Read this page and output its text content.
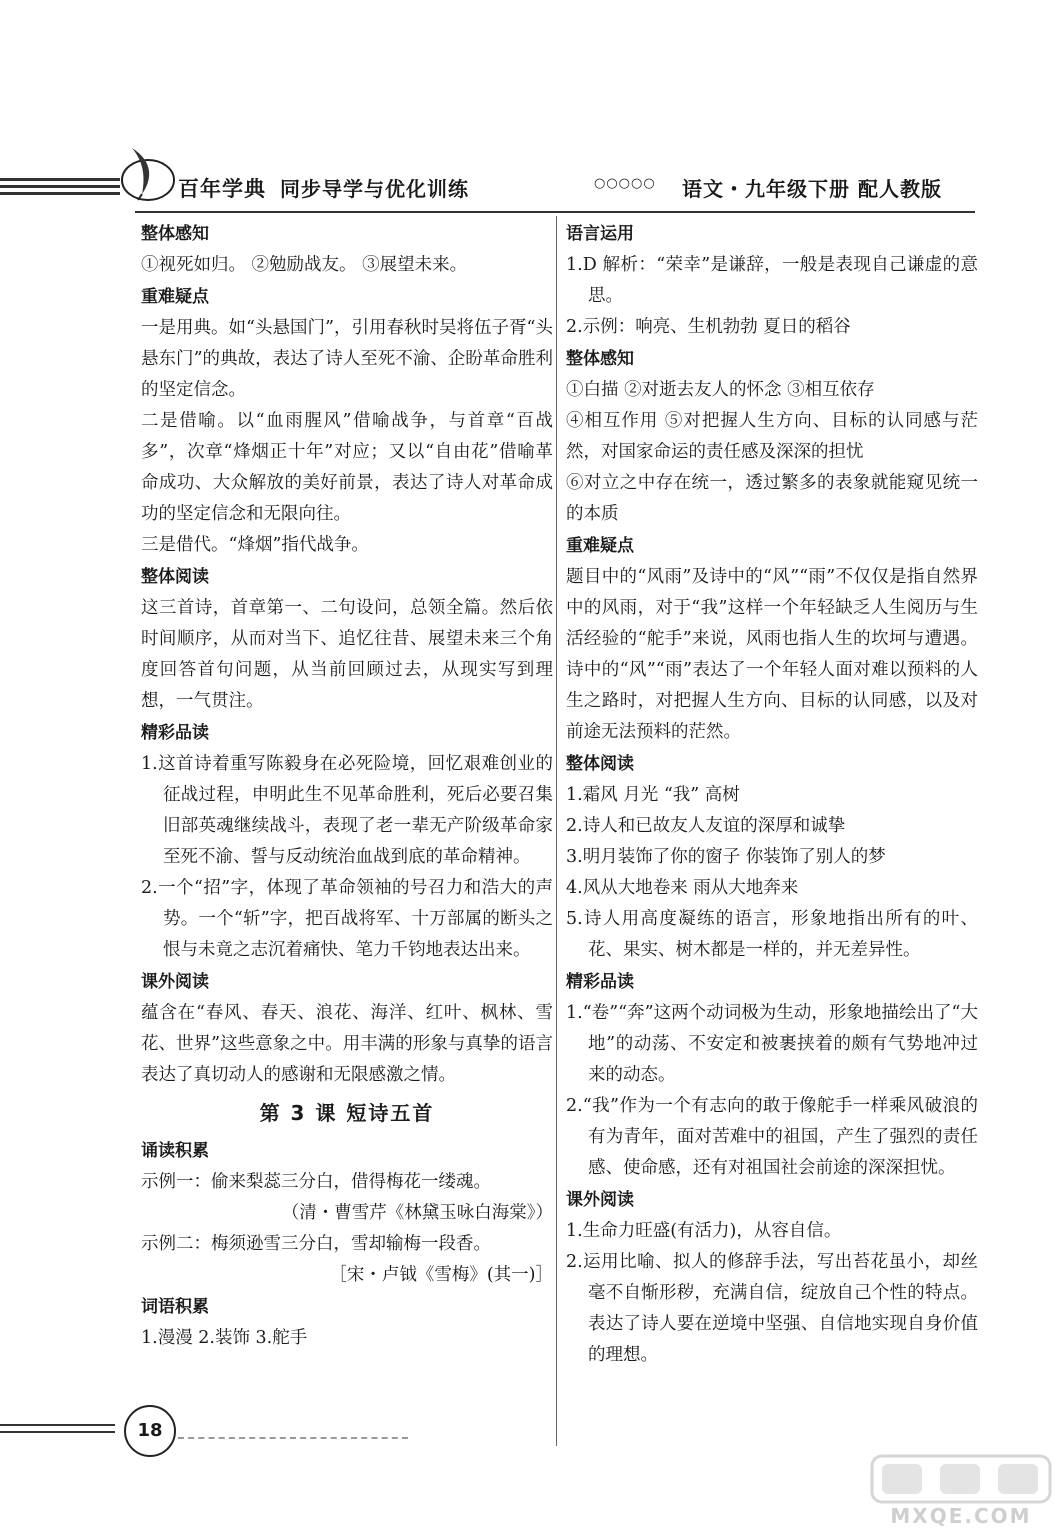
百年学典 同步导学与优化训练	○○○○○ 语文・九年级下册 配人教版
整体感知
①视死如归。 ②勉励战友。 ③展望未来。
重难疑点
一是用典。如“头悬国门”，引用春秋时吴将伍子胥“头悬东门”的典故，表达了诗人至死不渝、企盼革命胜利的坚定信念。
二是借喻。以“血雨腥风”借喻战争，与首章“百战多”，次章“烽烟正十年”对应；又以“自由花”借喻革命成功、大众解放的美好前景，表达了诗人对革命成功的坚定信念和无限向往。
三是借代。“烽烟”指代战争。
整体阅读
这三首诗，首章第一、二句设问，总领全篇。然后依时间顺序，从而对当下、追忆往昔、展望未来三个角度回答首句问题，从当前回顾过去，从现实写到理想，一气贯注。
精彩品读
1.这首诗着重写陈毅身在必死险境，回忆艰难创业的征战过程，申明此生不见革命胜利，死后必要召集旧部英魂继续战斗，表现了老一辈无产阶级革命家至死不渝、誓与反动统治血战到底的革命精神。
2.一个“招”字，体现了革命领袖的号召力和浩大的声势。一个“斩”字，把百战将军、十万部属的断头之恨与未竟之志沉着痛快、笔力千钧地表达出来。
课外阅读
蕴含在“春风、春天、浪花、海洋、红叶、枫林、雪花、世界”这些意象之中。用丰满的形象与真挚的语言表达了真切动人的感谢和无限感激之情。
第 3 课 短诗五首
诵读积累
示例一：偷来梨蕊三分白，借得梅花一缕魂。
（清・曹雪芹《林黛玉咏白海棠》）
示例二：梅须逊雪三分白，雪却输梅一段香。
［宋・卢钺《雪梅》(其一)］
词语积累
1.漫漫 2.装饰 3.舵手
语言运用
1.D 解析：“荣幸”是谦辞，一般是表现自己谦虚的意思。
2.示例：响亮、生机勃勃 夏日的稻谷
整体感知
①白描 ②对逝去友人的怀念 ③相互依存
④相互作用 ⑤对把握人生方向、目标的认同感与茫然，对国家命运的责任感及深深的担忧
⑥对立之中存在统一，透过繁多的表象就能窥见统一的本质
重难疑点
题目中的“风雨”及诗中的“风”“雨”不仅仅是指自然界中的风雨，对于“我”这样一个年轻缺乏人生阅历与生活经验的“舵手”来说，风雨也指人生的坎坷与遭遇。诗中的“风”“雨”表达了一个年轻人面对难以预料的人生之路时，对把握人生方向、目标的认同感，以及对前途无法预料的茫然。
整体阅读
1.霜风 月光 “我” 高树
2.诗人和已故友人友谊的深厚和诚挚
3.明月装饰了你的窗子 你装饰了别人的梦
4.风从大地卷来 雨从大地奔来
5.诗人用高度凝练的语言，形象地指出所有的叶、花、果实、树木都是一样的，并无差异性。
精彩品读
1.“卷”“奔”这两个动词极为生动，形象地描绘出了“大地”的动荡、不安定和被裹挟着的颇有气势地冲过来的动态。
2.“我”作为一个有志向的敢于像舵手一样乘风破浪的有为青年，面对苦难中的祖国，产生了强烈的责任感、使命感，还有对祖国社会前途的深深担忧。
课外阅读
1.生命力旺盛(有活力)，从容自信。
2.运用比喻、拟人的修辞手法，写出苔花虽小，却丝毫不自惭形秽，充满自信，绽放自己个性的特点。表达了诗人要在逆境中坚强、自信地实现自身价值的理想。
18
MXQE.COM
